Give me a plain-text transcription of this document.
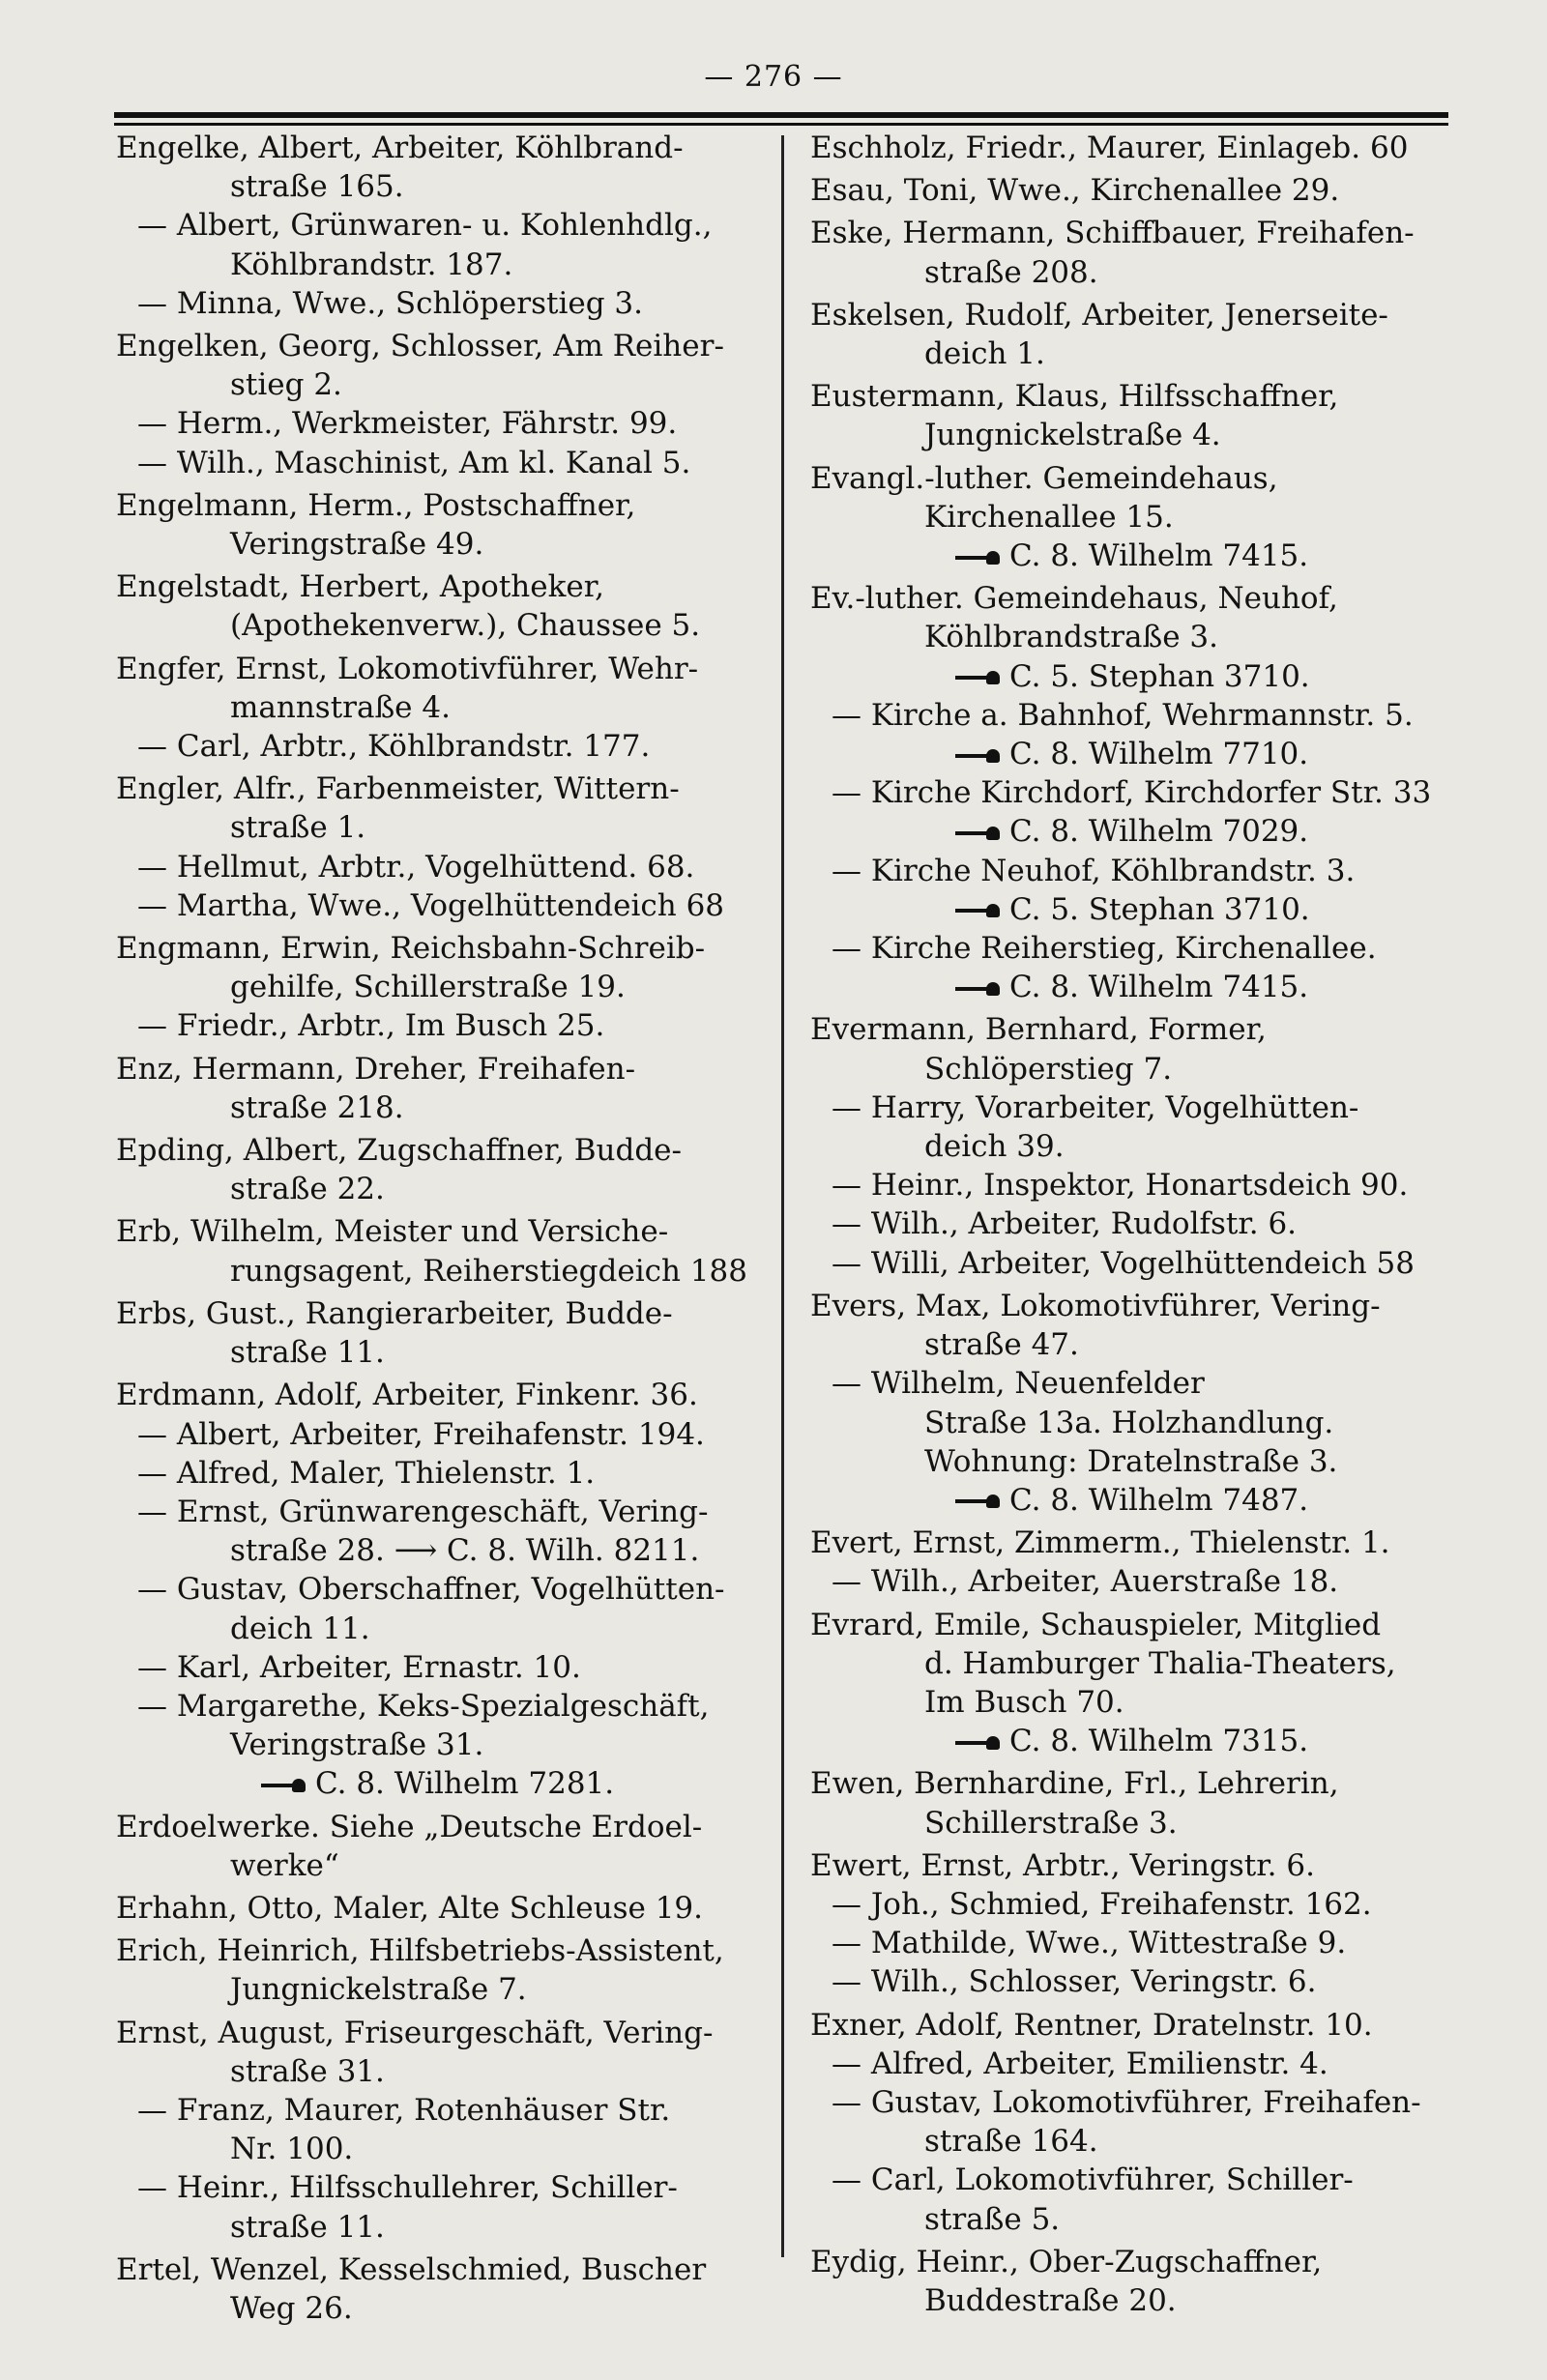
— 276 —
Engelke, Albert, Arbeiter, Köhlbrand-
straße 165.
— Albert, Grünwaren- u. Kohlenhdlg.,
Köhlbrandstr. 187.
— Minna, Wwe., Schlöperstieg 3.
Engelken, Georg, Schlosser, Am Reiher-
stieg 2.
— Herm., Werkmeister, Fährstr. 99.
— Wilh., Maschinist, Am kl. Kanal 5.
Engelmann, Herm., Postschaffner,
Veringstraße 49.
Engelstadt, Herbert, Apotheker,
(Apothekenverw.), Chaussee 5.
Engfer, Ernst, Lokomotivführer, Wehr-
mannstraße 4.
— Carl, Arbtr., Köhlbrandstr. 177.
Engler, Alfr., Farbenmeister, Wittern-
straße 1.
— Hellmut, Arbtr., Vogelhüttend. 68.
— Martha, Wwe., Vogelhüttendeich 68
Engmann, Erwin, Reichsbahn-Schreib-
gehilfe, Schillerstraße 19.
— Friedr., Arbtr., Im Busch 25.
Enz, Hermann, Dreher, Freihafen-
straße 218.
Epding, Albert, Zugschaffner, Budde-
straße 22.
Erb, Wilhelm, Meister und Versiche-
rungsagent, Reiherstiegdeich 188
Erbs, Gust., Rangierarbeiter, Budde-
straße 11.
Erdmann, Adolf, Arbeiter, Finkenr. 36.
— Albert, Arbeiter, Freihafenstr. 194.
— Alfred, Maler, Thielenstr. 1.
— Ernst, Grünwarengeschäft, Vering-
straße 28. ⟶ C. 8. Wilh. 8211.
— Gustav, Oberschaffner, Vogelhütten-
deich 11.
— Karl, Arbeiter, Ernastr. 10.
— Margarethe, Keks-Spezialgeschäft,
Veringstraße 31.
C. 8. Wilhelm 7281.
Erdoelwerke. Siehe „Deutsche Erdoel-
werke“
Erhahn, Otto, Maler, Alte Schleuse 19.
Erich, Heinrich, Hilfsbetriebs-Assistent,
Jungnickelstraße 7.
Ernst, August, Friseurgeschäft, Vering-
straße 31.
— Franz, Maurer, Rotenhäuser Str.
Nr. 100.
— Heinr., Hilfsschullehrer, Schiller-
straße 11.
Ertel, Wenzel, Kesselschmied, Buscher
Weg 26.
Eschholz, Friedr., Maurer, Einlageb. 60
Esau, Toni, Wwe., Kirchenallee 29.
Eske, Hermann, Schiffbauer, Freihafen-
straße 208.
Eskelsen, Rudolf, Arbeiter, Jenerseite-
deich 1.
Eustermann, Klaus, Hilfsschaffner,
Jungnickelstraße 4.
Evangl.-luther. Gemeindehaus,
Kirchenallee 15.
C. 8. Wilhelm 7415.
Ev.-luther. Gemeindehaus, Neuhof,
Köhlbrandstraße 3.
C. 5. Stephan 3710.
— Kirche a. Bahnhof, Wehrmannstr. 5.
C. 8. Wilhelm 7710.
— Kirche Kirchdorf, Kirchdorfer Str. 33
C. 8. Wilhelm 7029.
— Kirche Neuhof, Köhlbrandstr. 3.
C. 5. Stephan 3710.
— Kirche Reiherstieg, Kirchenallee.
C. 8. Wilhelm 7415.
Evermann, Bernhard, Former,
Schlöperstieg 7.
— Harry, Vorarbeiter, Vogelhütten-
deich 39.
— Heinr., Inspektor, Honartsdeich 90.
— Wilh., Arbeiter, Rudolfstr. 6.
— Willi, Arbeiter, Vogelhüttendeich 58
Evers, Max, Lokomotivführer, Vering-
straße 47.
— Wilhelm, Neuenfelder
Straße 13a. Holzhandlung.
Wohnung: Dratelnstraße 3.
C. 8. Wilhelm 7487.
Evert, Ernst, Zimmerm., Thielenstr. 1.
— Wilh., Arbeiter, Auerstraße 18.
Evrard, Emile, Schauspieler, Mitglied
d. Hamburger Thalia-Theaters,
Im Busch 70.
C. 8. Wilhelm 7315.
Ewen, Bernhardine, Frl., Lehrerin,
Schillerstraße 3.
Ewert, Ernst, Arbtr., Veringstr. 6.
— Joh., Schmied, Freihafenstr. 162.
— Mathilde, Wwe., Wittestraße 9.
— Wilh., Schlosser, Veringstr. 6.
Exner, Adolf, Rentner, Dratelnstr. 10.
— Alfred, Arbeiter, Emilienstr. 4.
— Gustav, Lokomotivführer, Freihafen-
straße 164.
— Carl, Lokomotivführer, Schiller-
straße 5.
Eydig, Heinr., Ober-Zugschaffner,
Buddestraße 20.
